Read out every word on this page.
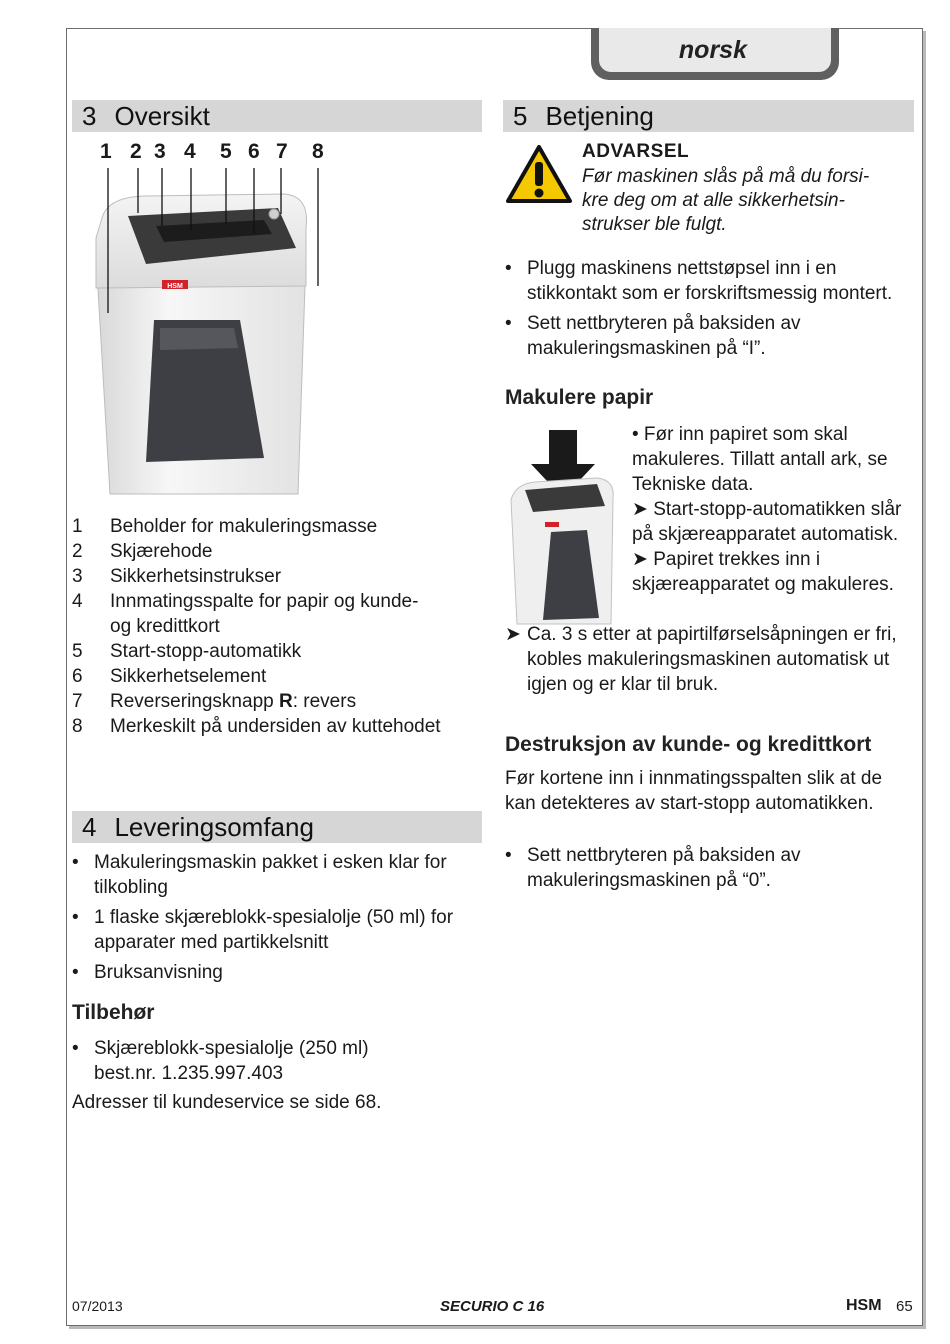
norsk
3 Oversikt
1 2 3 4 5 6 7 8
HSM
1 Beholder for makuleringsmasse
2 Skjærehode
3 Sikkerhetsinstrukser
4 Innmatingsspalte for papir og kunde-
og kredittkort
5 Start-stopp-automatikk
6 Sikkerhetselement
7 Reverseringsknapp R: revers
8 Merkeskilt på undersiden av kuttehodet
4 Leveringsomfang
• Makuleringsmaskin pakket i esken klar for tilkobling
• 1 flaske skjæreblokk-spesialolje (50 ml) for apparater med partikkelsnitt
• Bruksanvisning
Tilbehør
• Skjæreblokk-spesialolje (250 ml) best.nr. 1.235.997.403
Adresser til kundeservice se side 68.
5 Betjening
ADVARSEL
Før maskinen slås på må du forsi-
kre deg om at alle sikkerhetsin-
strukser ble fulgt.
• Plugg maskinens nettstøpsel inn i en stikkontakt som er forskriftsmessig montert.
• Sett nettbryteren på baksiden av makuleringsmaskinen på “I”.
Makulere papir
• Før inn papiret som skal makuleres. Tillatt antall ark, se Tekniske data.
➤ Start-stopp-automatikken slår på skjæreapparatet automatisk.
➤ Papiret trekkes inn i skjæreapparatet og makuleres.
➤ Ca. 3 s etter at papirtilførselsåpningen er fri, kobles makuleringsmaskinen automatisk ut igjen og er klar til bruk.
Destruksjon av kunde- og kredittkort
Før kortene inn i innmatingsspalten slik at de kan detekteres av start-stopp automatikken.
• Sett nettbryteren på baksiden av makuleringsmaskinen på “0”.
07/2013	SECURIO C 16	HSM 65
